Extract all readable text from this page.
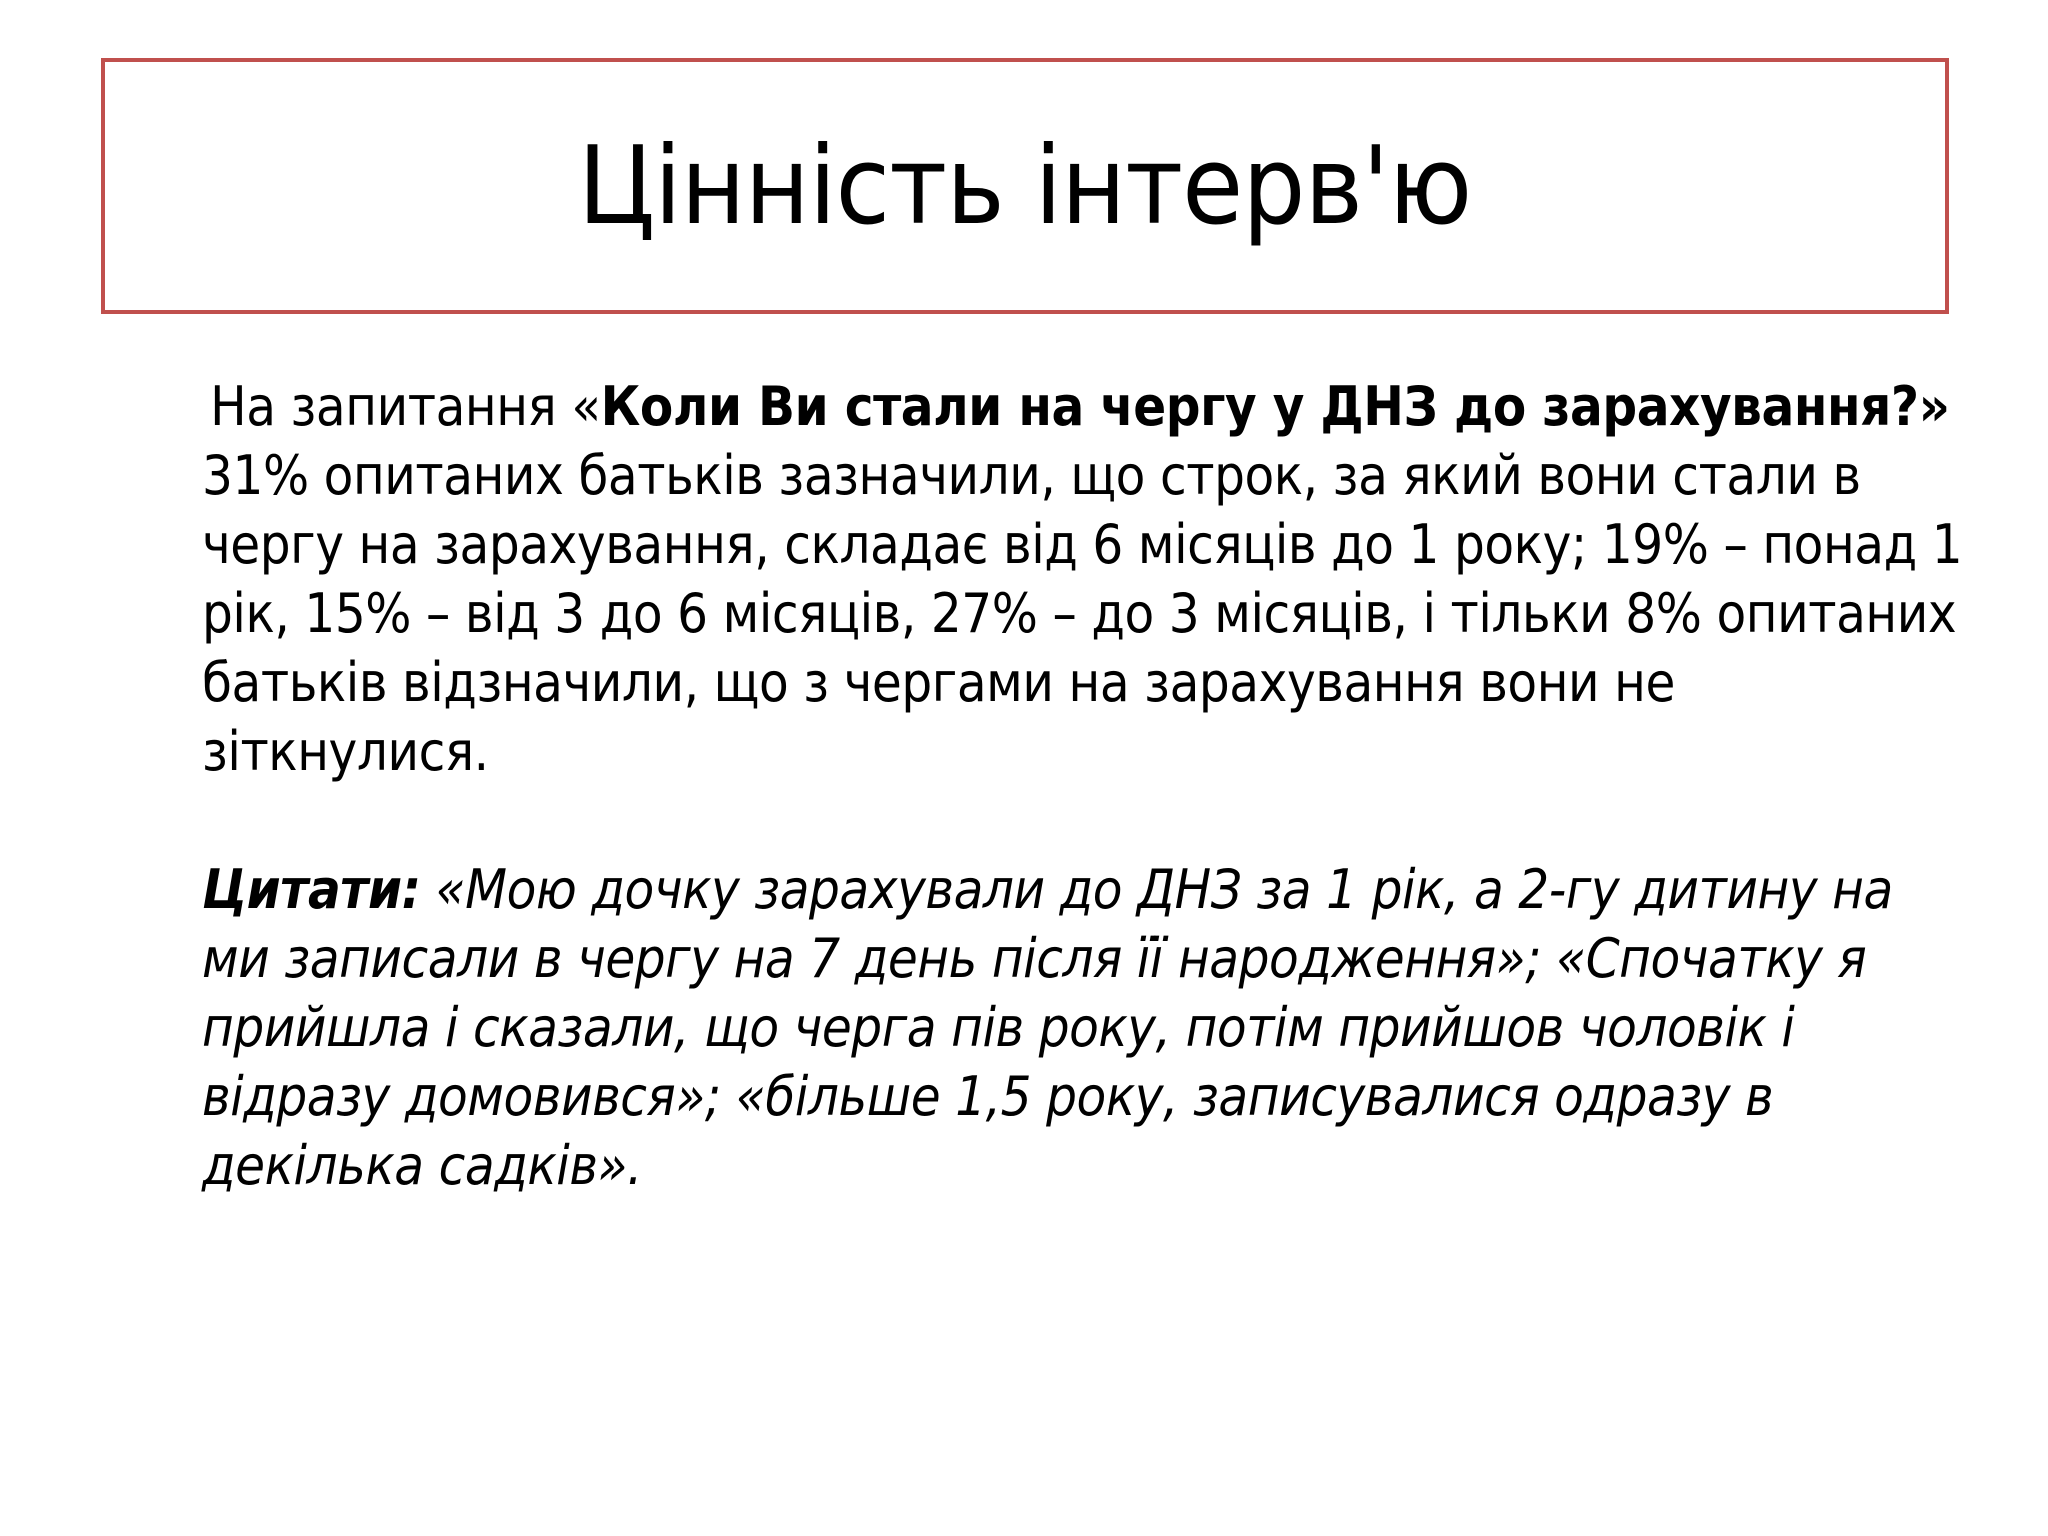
Цінність інтерв'ю

На запитання «Коли Ви стали на чергу у ДНЗ до зарахування?» 31% опитаних батьків зазначили, що строк, за який вони стали в чергу на зарахування, складає від 6 місяців до 1 року; 19% – понад 1 рік, 15% – від 3 до 6 місяців, 27% – до 3 місяців, і тільки 8% опитаних батьків відзначили, що з чергами на зарахування вони не зіткнулися.

Цитати: «Мою дочку зарахували до ДНЗ за 1 рік, а 2-гу дитину на ми записали в чергу на 7 день після її народження»; «Спочатку я прийшла і сказали, що черга пів року, потім прийшов чоловік і відразу домовився»; «більше 1,5 року, записувалися одразу в декілька садків».
